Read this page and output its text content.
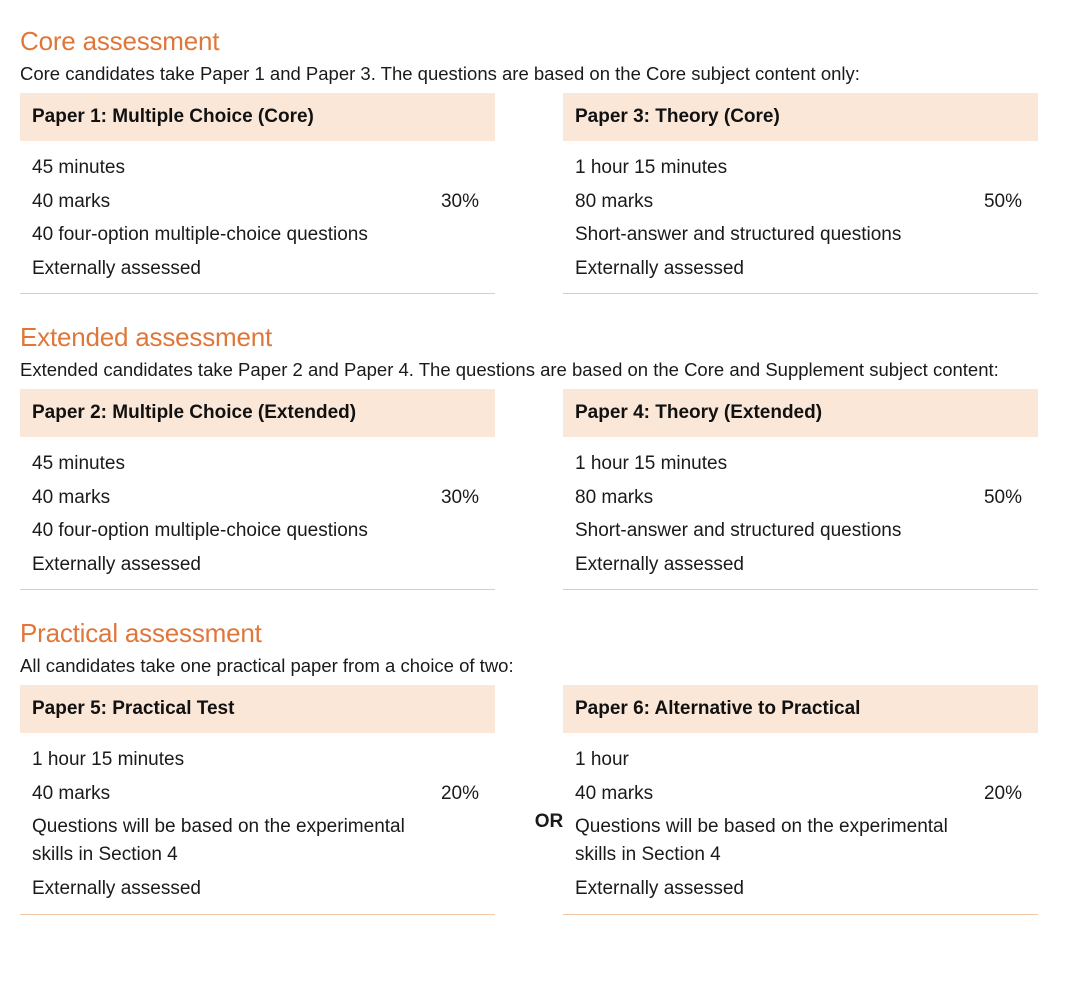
Core assessment

Core candidates take Paper 1 and Paper 3. The questions are based on the Core subject content only:

Paper 1: Multiple Choice (Core)
45 minutes
40 marks	30%
40 four-option multiple-choice questions
Externally assessed
Paper 3: Theory (Core)
1 hour 15 minutes
80 marks	50%
Short-answer and structured questions
Externally assessed
Extended assessment

Extended candidates take Paper 2 and Paper 4. The questions are based on the Core and Supplement subject content:

Paper 2: Multiple Choice (Extended)
45 minutes
40 marks	30%
40 four-option multiple-choice questions
Externally assessed
Paper 4: Theory (Extended)
1 hour 15 minutes
80 marks	50%
Short-answer and structured questions
Externally assessed
Practical assessment

All candidates take one practical paper from a choice of two:

Paper 5: Practical Test
1 hour 15 minutes
40 marks	20%
Questions will be based on the experimental
skills in Section 4
Externally assessed
OR
Paper 6: Alternative to Practical
1 hour
40 marks	20%
Questions will be based on the experimental
skills in Section 4
Externally assessed
